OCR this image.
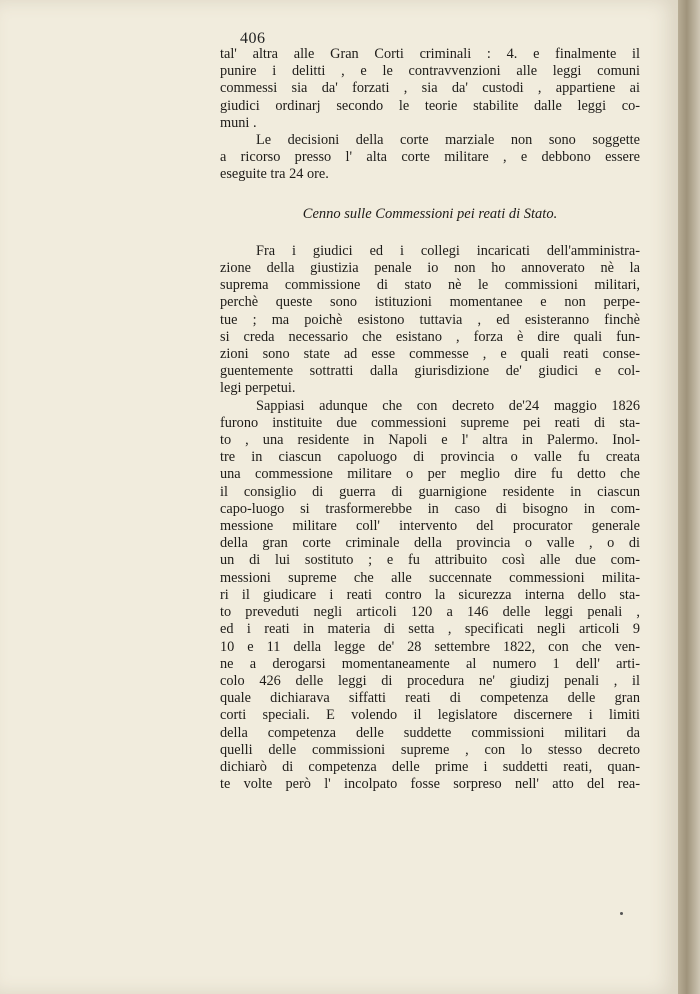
406
tal' altra alle Gran Corti criminali : 4. e finalmente il
punire i delitti , e le contravvenzioni alle leggi comuni
commessi sia da' forzati , sia da' custodi , appartiene ai
giudici ordinarj secondo le teorie stabilite dalle leggi co-
muni .
Le decisioni della corte marziale non sono soggette
a ricorso presso l' alta corte militare , e debbono essere
eseguite tra 24 ore.
Cenno sulle Commessioni pei reati di Stato.
Fra i giudici ed i collegi incaricati dell'amministra-
zione della giustizia penale io non ho annoverato nè la
suprema commissione di stato nè le commissioni militari,
perchè queste sono istituzioni momentanee e non perpe-
tue ; ma poichè esistono tuttavia , ed esisteranno finchè
si creda necessario che esistano , forza è dire quali fun-
zioni sono state ad esse commesse , e quali reati conse-
guentemente sottratti dalla giurisdizione de' giudici e col-
legi perpetui.
Sappiasi adunque che con decreto de'24 maggio 1826
furono instituite due commessioni supreme pei reati di sta-
to , una residente in Napoli e l' altra in Palermo. Inol-
tre in ciascun capoluogo di provincia o valle fu creata
una commessione militare o per meglio dire fu detto che
il consiglio di guerra di guarnigione residente in ciascun
capo-luogo si trasformerebbe in caso di bisogno in com-
messione militare coll' intervento del procurator generale
della gran corte criminale della provincia o valle , o di
un di lui sostituto ; e fu attribuito così alle due com-
messioni supreme che alle succennate commessioni milita-
ri il giudicare i reati contro la sicurezza interna dello sta-
to preveduti negli articoli 120 a 146 delle leggi penali ,
ed i reati in materia di setta , specificati negli articoli 9
10 e 11 della legge de' 28 settembre 1822, con che ven-
ne a derogarsi momentaneamente al numero 1 dell' arti-
colo 426 delle leggi di procedura ne' giudizj penali , il
quale dichiarava siffatti reati di competenza delle gran
corti speciali. E volendo il legislatore discernere i limiti
della competenza delle suddette commissioni militari da
quelli delle commissioni supreme , con lo stesso decreto
dichiarò di competenza delle prime i suddetti reati, quan-
te volte però l' incolpato fosse sorpreso nell' atto del rea-
